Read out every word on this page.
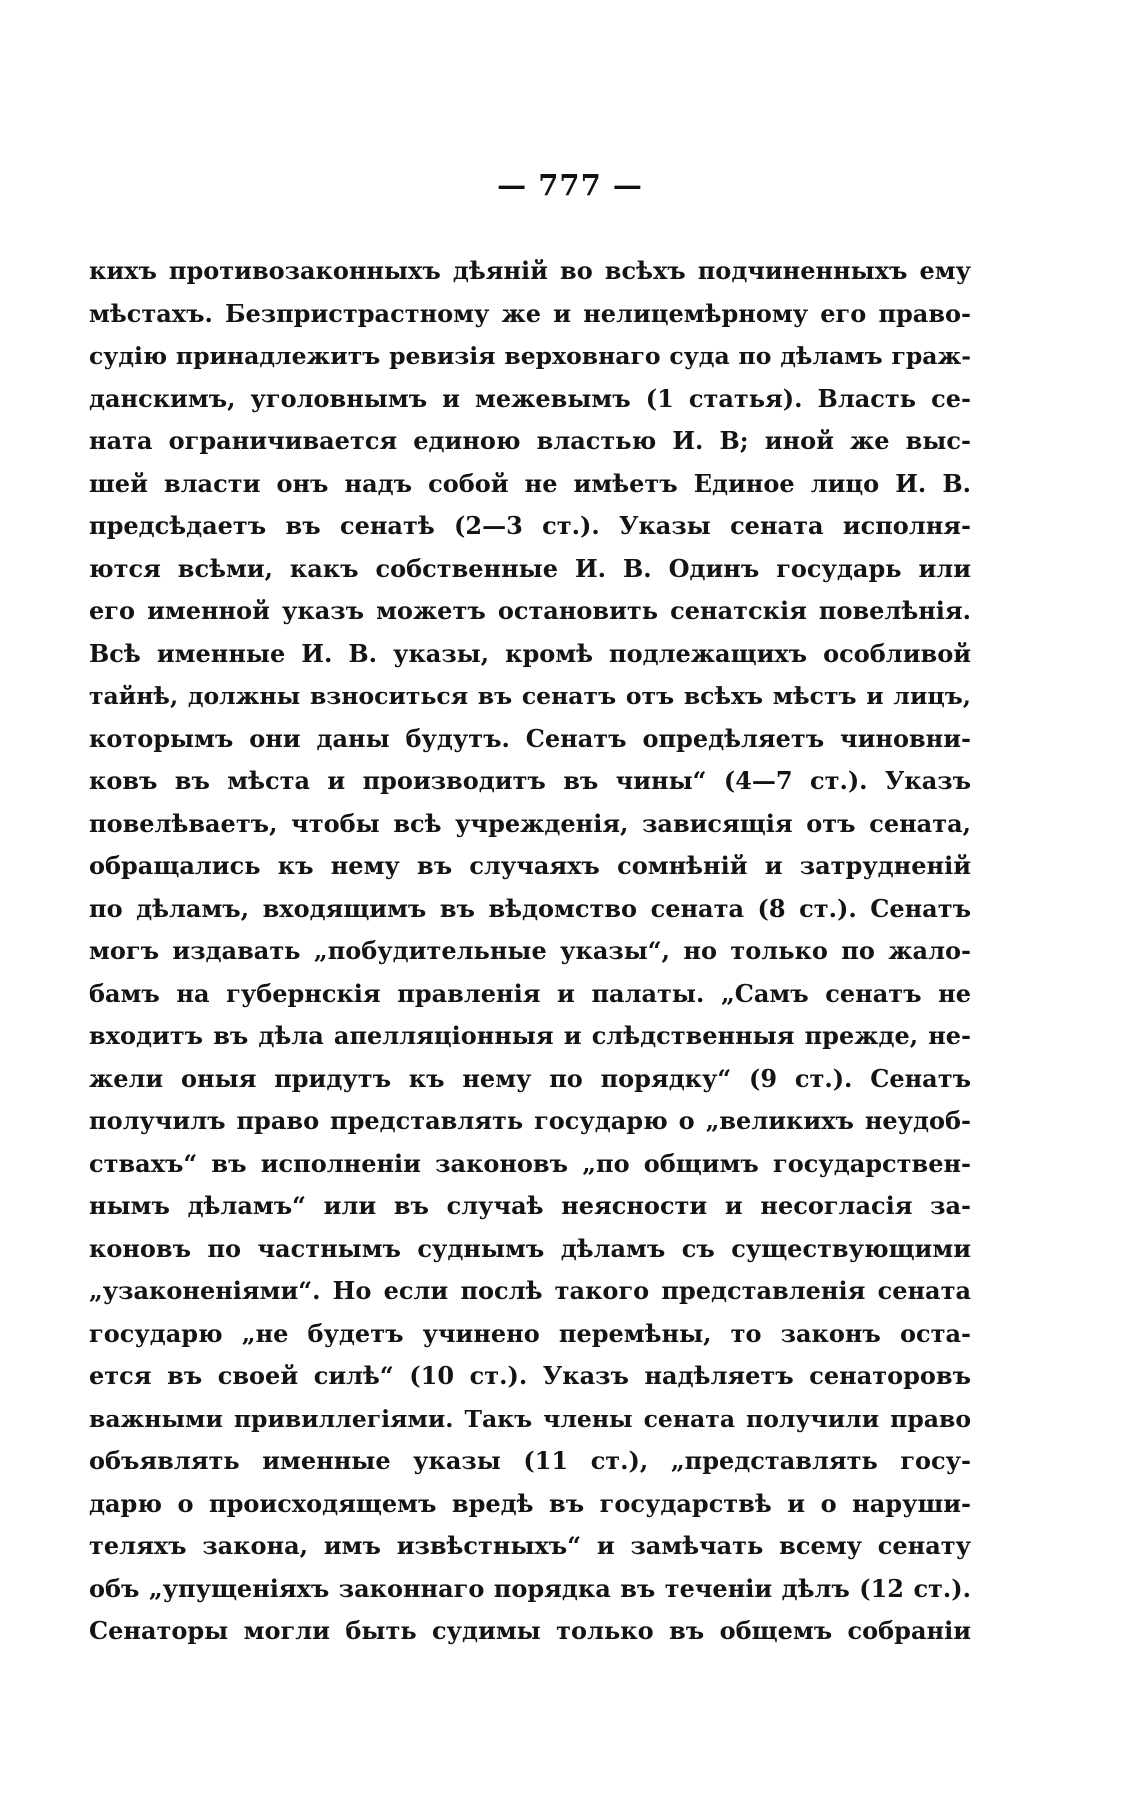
— 777 —
кихъ противозаконныхъ дѣяній во всѣхъ подчиненныхъ ему
мѣстахъ. Безпристрастному же и нелицемѣрному его право-
судію принадлежитъ ревизія верховнаго суда по дѣламъ граж-
данскимъ, уголовнымъ и межевымъ (1 статья). Власть се-
ната ограничивается единою властью И. В; иной же выс-
шей власти онъ надъ собой не имѣетъ Единое лицо И. В.
предсѣдаетъ въ сенатѣ (2—3 ст.). Указы сената исполня-
ются всѣми, какъ собственные И. В. Одинъ государь или
его именной указъ можетъ остановить сенатскія повелѣнія.
Всѣ именные И. В. указы, кромѣ подлежащихъ особливой
тайнѣ, должны взноситься въ сенатъ отъ всѣхъ мѣстъ и лицъ,
которымъ они даны будутъ. Сенатъ опредѣляетъ чиновни-
ковъ въ мѣста и производитъ въ чины“ (4—7 ст.). Указъ
повелѣваетъ, чтобы всѣ учрежденія, зависящія отъ сената,
обращались къ нему въ случаяхъ сомнѣній и затрудненій
по дѣламъ, входящимъ въ вѣдомство сената (8 ст.). Сенатъ
могъ издавать „побудительные указы“, но только по жало-
бамъ на губернскія правленія и палаты. „Самъ сенатъ не
входитъ въ дѣла апелляціонныя и слѣдственныя прежде, не-
жели оныя придутъ къ нему по порядку“ (9 ст.). Сенатъ
получилъ право представлять государю о „великихъ неудоб-
ствахъ“ въ исполненіи законовъ „по общимъ государствен-
нымъ дѣламъ“ или въ случаѣ неясности и несогласія за-
коновъ по частнымъ суднымъ дѣламъ съ существующими
„узаконеніями“. Но если послѣ такого представленія сената
государю „не будетъ учинено перемѣны, то законъ оста-
ется въ своей силѣ“ (10 ст.). Указъ надѣляетъ сенаторовъ
важными привиллегіями. Такъ члены сената получили право
объявлять именные указы (11 ст.), „представлять госу-
дарю о происходящемъ вредѣ въ государствѣ и о наруши-
теляхъ закона, имъ извѣстныхъ“ и замѣчать всему сенату
объ „упущеніяхъ законнаго порядка въ теченіи дѣлъ (12 ст.).
Сенаторы могли быть судимы только въ общемъ собраніи
